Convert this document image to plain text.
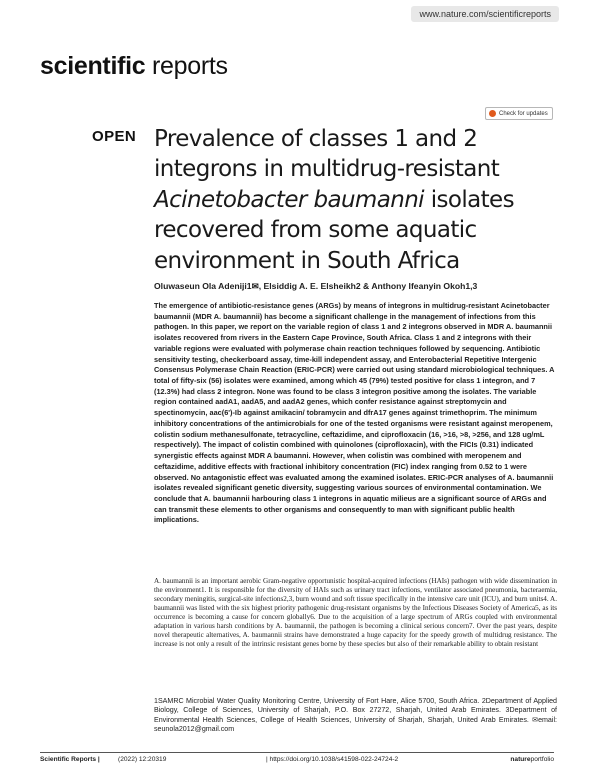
www.nature.com/scientificreports
scientific reports
Check for updates
OPEN Prevalence of classes 1 and 2 integrons in multidrug-resistant Acinetobacter baumanni isolates recovered from some aquatic environment in South Africa
Oluwaseun Ola Adeniji1✉, Elsiddig A. E. Elsheikh2 & Anthony Ifeanyin Okoh1,3

The emergence of antibiotic-resistance genes (ARGs) by means of integrons in multidrug-resistant Acinetobacter baumannii (MDR A. baumannii) has become a significant challenge in the management of infections from this pathogen. In this paper, we report on the variable region of class 1 and 2 integrons observed in MDR A. baumannii isolates recovered from rivers in the Eastern Cape Province, South Africa. Class 1 and 2 integrons with their variable regions were evaluated with polymerase chain reaction techniques followed by sequencing. Antibiotic sensitivity testing, checkerboard assay, time-kill independent assay, and Enterobacterial Repetitive Intergenic Consensus Polymerase Chain Reaction (ERIC-PCR) were carried out using standard microbiological techniques. A total of fifty-six (56) isolates were examined, among which 45 (79%) tested positive for class 1 integron, and 7 (12.3%) had class 2 integron. None was found to be class 3 integron positive among the isolates. The variable region contained aadA1, aadA5, and aadA2 genes, which confer resistance against streptomycin and spectinomycin, aac(6')-Ib against amikacin/ tobramycin and dfrA17 genes against trimethoprim. The minimum inhibitory concentrations of the antimicrobials for one of the tested organisms were resistant against meropenem, colistin sodium methanesulfonate, tetracycline, ceftazidime, and ciprofloxacin (16, >16, >8, >256, and 128 ug/mL respectively). The impact of colistin combined with quinolones (ciprofloxacin), with the FICIs (0.31) indicated synergistic effects against MDR A baumanni. However, when colistin was combined with meropenem and ceftazidime, additive effects with fractional inhibitory concentration (FIC) index ranging from 0.52 to 1 were observed. No antagonistic effect was evaluated among the examined isolates. ERIC-PCR analyses of A. baumannii isolates revealed significant genetic diversity, suggesting various sources of environmental contamination. We conclude that A. baumannii harbouring class 1 integrons in aquatic milieus are a significant source of ARGs and can transmit these elements to other organisms and consequently to man with significant public health implications.

A. baumannii is an important aerobic Gram-negative opportunistic hospital-acquired infections (HAIs) pathogen with wide dissemination in the environment1. It is responsible for the diversity of HAIs such as urinary tract infections, ventilator associated pneumonia, bacteraemia, secondary meningitis, surgical-site infections2,3, burn wound and soft tissue specifically in the intensive care unit (ICU), and burn units4. A. baumannii was listed with the six highest priority pathogenic drug-resistant organisms by the Infectious Diseases Society of America5, as its occurrence is becoming a cause for concern globally6. Due to the acquisition of a large spectrum of ARGs coupled with environmental adaptation in various harsh conditions by A. baumannii, the pathogen is becoming a clinical serious concern7. Over the past years, despite novel therapeutic alternatives, A. baumannii strains have demonstrated a huge capacity for the speedy growth of multidrug resistance. The increase is not only a result of the intrinsic resistant genes borne by these species but also of their remarkable ability to obtain resistant

1SAMRC Microbial Water Quality Monitoring Centre, University of Fort Hare, Alice 5700, South Africa. 2Department of Applied Biology, College of Sciences, University of Sharjah, P.O. Box 27272, Sharjah, United Arab Emirates. 3Department of Environmental Health Sciences, College of Health Sciences, University of Sharjah, Sharjah, United Arab Emirates. ✉email: seunola2012@gmail.com

Scientific Reports |	(2022) 12:20319	| https://doi.org/10.1038/s41598-022-24724-2	natureportfolio
